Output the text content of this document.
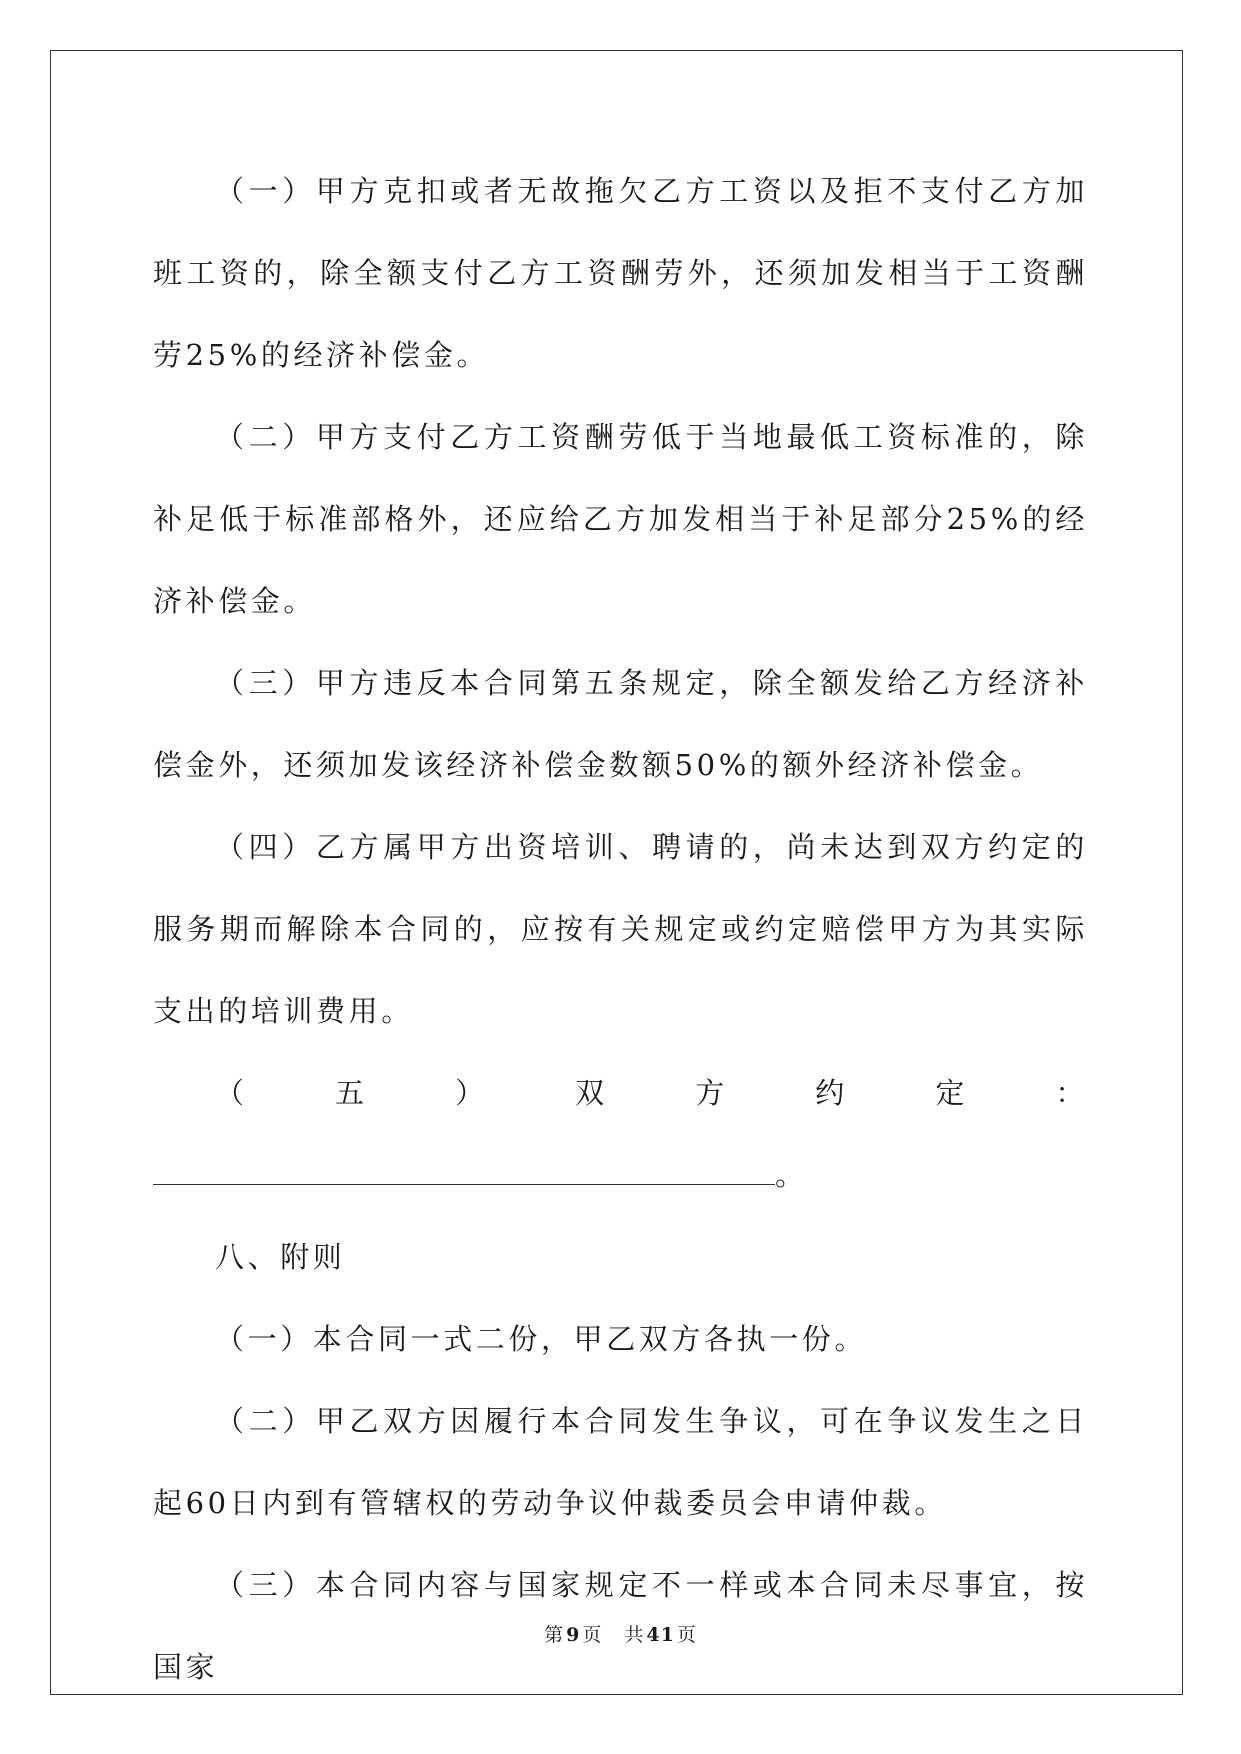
（一）甲方克扣或者无故拖欠乙方工资以及拒不支付乙方加班工资的，除全额支付乙方工资酬劳外，还须加发相当于工资酬劳25%的经济补偿金。

（二）甲方支付乙方工资酬劳低于当地最低工资标准的，除补足低于标准部格外，还应给乙方加发相当于补足部分25%的经济补偿金。

（三）甲方违反本合同第五条规定，除全额发给乙方经济补偿金外，还须加发该经济补偿金数额50%的额外经济补偿金。

（四）乙方属甲方出资培训、聘请的，尚未达到双方约定的服务期而解除本合同的，应按有关规定或约定赔偿甲方为其实际支出的培训费用。

（五）双方约定：。

八、附则

（一）本合同一式二份，甲乙双方各执一份。

（二）甲乙双方因履行本合同发生争议，可在争议发生之日起60日内到有管辖权的劳动争议仲裁委员会申请仲裁。

（三）本合同内容与国家规定不一样或本合同未尽事宜，按国家

第 9 页 共 41 页
